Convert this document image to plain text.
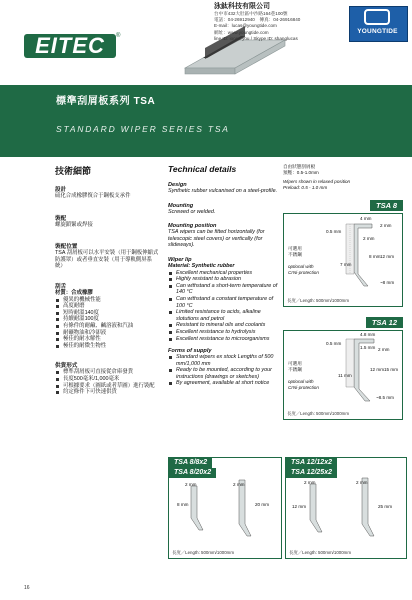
EITEC	®
泳鈦科技有限公司
台中市432大肚區中沙路164巷100號
電話：04-26912940　傳真：04-26916840
E-mail：lucas@youngtide.com
網址：www.youngtide.com
line ID: iooseryou / Skype ID: shanglucas
YOUNGTIDE
標準刮屑板系列 TSA
STANDARD WIPER SERIES TSA
技術細節
設計
硫化合成橡膠復合于鋼板支承件
裝配
螺旋鎖緊或焊接
裝配位置
TSA 刮屑板可以水平安裝（用于鋼板伸縮式防護罩）或者垂直安裝（用于導軌側屏系統）
刮舌
材質：合成橡膠
優異的機械性能
高度耐磨
短時耐溫140度
持續耐溫100度
有條件的耐鹼、鹹溶液和汽油
耐礦物油和冷卻液
極佳的耐水解性
極佳的耐微生物性
供貨形式
標準刮屑板可直接從倉庫發貨
長度500毫米/1,000毫米
可根據要求（圖紙或者草圖）進行裝配
約定條件下可快速供貨
Technical details
Design
Synthetic rubber vulcanised on a steel-profile.
Mounting
Screwed or welded.
Mounting position
TSA wipers can be fitted horizontally (for telescopic steel covers) or vertically (for slideways).
Wiper lip
Material: Synthetic rubber
Excellent mechanical properties
Highly resistant to abrasion
Can withstand a short-term temperature of 140 °C
Can withstand a constant temperature of 100 °C
Limited resistance to acids, alkaline slotutions and petrol
Resistant to mineral oils and coolants
Excellent resistance to hydrolysis
Excellent resistance to microorganisms
Forms of supply
Standard wipers ex stock Lengths of 500 mm/1,000 mm
Ready to be mounted, according to your instructions (drawings or sketches)
By agreement, available at short notice
自由狀態刮屑板
預壓：0.5-1.0mm
Wipers shown in relaxed position
Preload: 0.5 - 1.0 mm
TSA 8
4 mm
2 mm
0.5 mm
2 mm
8 mm
7 mm
12 mm
~8 mm
可選用
不銹鋼
optional with
CrNi-protection
長度／Length: 500mm/1000mm
TSA 12
4.8 mm
0.5 mm
1.5 mm 2 mm
12 mm
11 mm
15 mm
~8.5 mm
可選用
不銹鋼
optional with
CrNi-protection
長度／Length: 500mm/1000mm
TSA 8/8x2
TSA 8/20x2
2 mm	2 mm
8 mm	20 mm
長度／Length: 500mm/1000mm
TSA 12/12x2
TSA 12/25x2
2 mm	2 mm
12 mm	25 mm
長度／Length: 500mm/1000mm
16
